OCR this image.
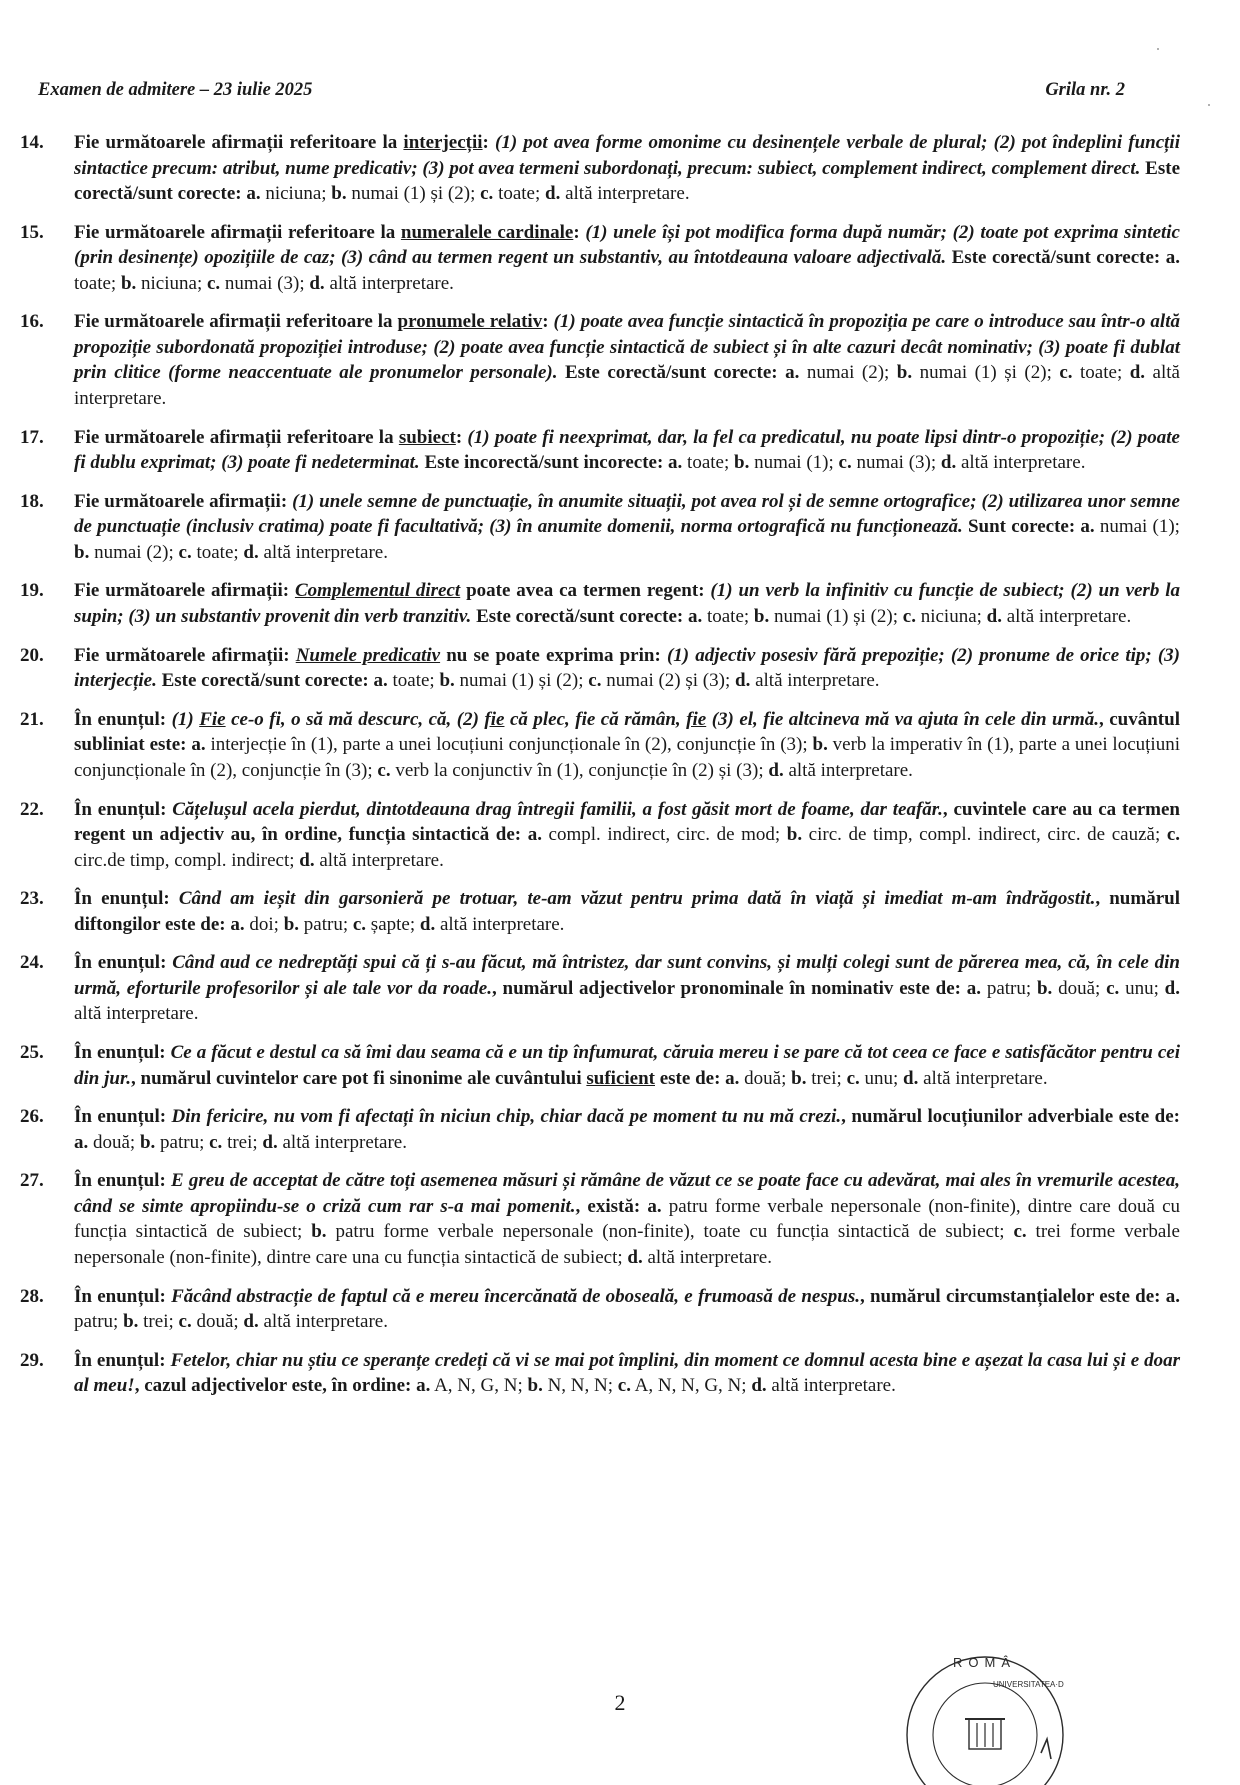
Examen de admitere – 23 iulie 2025	Grila nr. 2
14. Fie următoarele afirmații referitoare la interjecții: (1) pot avea forme omonime cu desinențele verbale de plural; (2) pot îndeplini funcții sintactice precum: atribut, nume predicativ; (3) pot avea termeni subordonați, precum: subiect, complement indirect, complement direct. Este corectă/sunt corecte: a. niciuna; b. numai (1) și (2); c. toate; d. altă interpretare.
15. Fie următoarele afirmații referitoare la numeralele cardinale: (1) unele își pot modifica forma după număr; (2) toate pot exprima sintetic (prin desinențe) opozițiile de caz; (3) când au termen regent un substantiv, au întotdeauna valoare adjectivală. Este corectă/sunt corecte: a. toate; b. niciuna; c. numai (3); d. altă interpretare.
16. Fie următoarele afirmații referitoare la pronumele relativ: (1) poate avea funcție sintactică în propoziția pe care o introduce sau într-o altă propoziție subordonată propoziției introduse; (2) poate avea funcție sintactică de subiect și în alte cazuri decât nominativ; (3) poate fi dublat prin clitice (forme neaccentuate ale pronumelor personale). Este corectă/sunt corecte: a. numai (2); b. numai (1) și (2); c. toate; d. altă interpretare.
17. Fie următoarele afirmații referitoare la subiect: (1) poate fi neexprimat, dar, la fel ca predicatul, nu poate lipsi dintr-o propoziție; (2) poate fi dublu exprimat; (3) poate fi nedeterminat. Este incorectă/sunt incorecte: a. toate; b. numai (1); c. numai (3); d. altă interpretare.
18. Fie următoarele afirmații: (1) unele semne de punctuație, în anumite situații, pot avea rol și de semne ortografice; (2) utilizarea unor semne de punctuație (inclusiv cratima) poate fi facultativă; (3) în anumite domenii, norma ortografică nu funcționează. Sunt corecte: a. numai (1); b. numai (2); c. toate; d. altă interpretare.
19. Fie următoarele afirmații: Complementul direct poate avea ca termen regent: (1) un verb la infinitiv cu funcție de subiect; (2) un verb la supin; (3) un substantiv provenit din verb tranzitiv. Este corectă/sunt corecte: a. toate; b. numai (1) și (2); c. niciuna; d. altă interpretare.
20. Fie următoarele afirmații: Numele predicativ nu se poate exprima prin: (1) adjectiv posesiv fără prepoziție; (2) pronume de orice tip; (3) interjecție. Este corectă/sunt corecte: a. toate; b. numai (1) și (2); c. numai (2) și (3); d. altă interpretare.
21. În enunțul: (1) Fie ce-o fi, o să mă descurc, că, (2) fie că plec, fie că rămân, fie (3) el, fie altcineva mă va ajuta în cele din urmă., cuvântul subliniat este: a. interjecție în (1), parte a unei locuțiuni conjuncționale în (2), conjuncție în (3); b. verb la imperativ în (1), parte a unei locuțiuni conjuncționale în (2), conjuncție în (3); c. verb la conjunctiv în (1), conjuncție în (2) și (3); d. altă interpretare.
22. În enunțul: Cățelușul acela pierdut, dintotdeauna drag întregii familii, a fost găsit mort de foame, dar teafăr., cuvintele care au ca termen regent un adjectiv au, în ordine, funcția sintactică de: a. compl. indirect, circ. de mod; b. circ. de timp, compl. indirect, circ. de cauză; c. circ.de timp, compl. indirect; d. altă interpretare.
23. În enunțul: Când am ieșit din garsonieră pe trotuar, te-am văzut pentru prima dată în viață și imediat m-am îndrăgostit., numărul diftongilor este de: a. doi; b. patru; c. șapte; d. altă interpretare.
24. În enunțul: Când aud ce nedreptăți spui că ți s-au făcut, mă întristez, dar sunt convins, și mulți colegi sunt de părerea mea, că, în cele din urmă, eforturile profesorilor și ale tale vor da roade., numărul adjectivelor pronominale în nominativ este de: a. patru; b. două; c. unu; d. altă interpretare.
25. În enunțul: Ce a făcut e destul ca să îmi dau seama că e un tip înfumurat, căruia mereu i se pare că tot ceea ce face e satisfăcător pentru cei din jur., numărul cuvintelor care pot fi sinonime ale cuvântului suficient este de: a. două; b. trei; c. unu; d. altă interpretare.
26. În enunțul: Din fericire, nu vom fi afectați în niciun chip, chiar dacă pe moment tu nu mă crezi., numărul locuțiunilor adverbiale este de: a. două; b. patru; c. trei; d. altă interpretare.
27. În enunțul: E greu de acceptat de către toți asemenea măsuri și rămâne de văzut ce se poate face cu adevărat, mai ales în vremurile acestea, când se simte apropiindu-se o criză cum rar s-a mai pomenit., există: a. patru forme verbale nepersonale (non-finite), dintre care două cu funcția sintactică de subiect; b. patru forme verbale nepersonale (non-finite), toate cu funcția sintactică de subiect; c. trei forme verbale nepersonale (non-finite), dintre care una cu funcția sintactică de subiect; d. altă interpretare.
28. În enunțul: Făcând abstracție de faptul că e mereu încercănată de oboseală, e frumoasă de nespus., numărul circumstanțialelor este de: a. patru; b. trei; c. două; d. altă interpretare.
29. În enunțul: Fetelor, chiar nu știu ce speranțe credeți că vi se mai pot împlini, din moment ce domnul acesta bine e așezat la casa lui și e doar al meu!, cazul adjectivelor este, în ordine: a. A, N, G, N; b. N, N, N; c. A, N, N, G, N; d. altă interpretare.
2
ROMÂ
UNIVERSITATEA·D
